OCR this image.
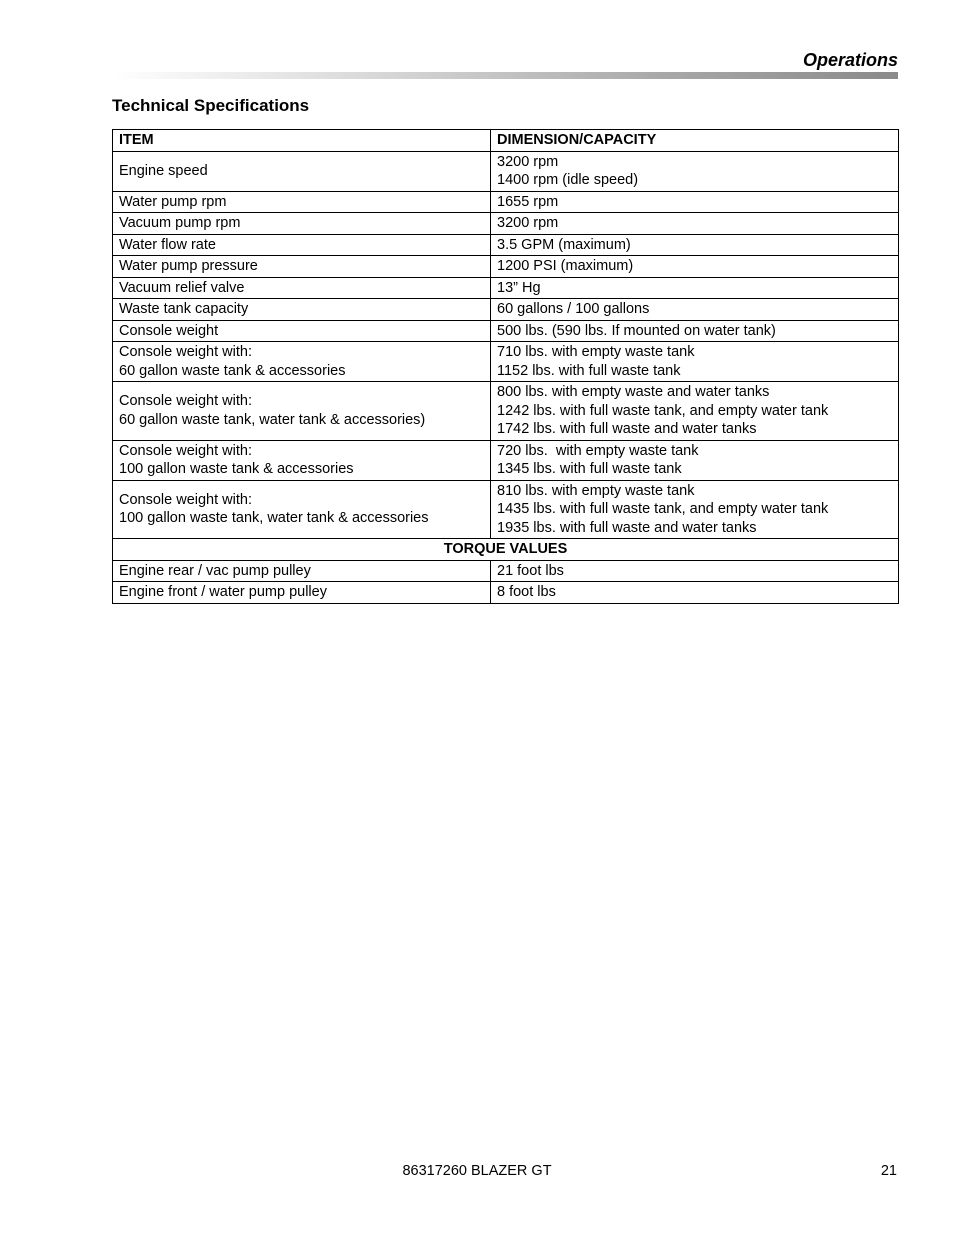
Operations
Technical Specifications
ITEM	DIMENSION/CAPACITY

Engine speed	3200 rpm
1400 rpm (idle speed)

Water pump rpm	1655 rpm

Vacuum pump rpm	3200 rpm

Water flow rate	3.5 GPM (maximum)

Water pump pressure	1200 PSI (maximum)

Vacuum relief valve	13” Hg

Waste tank capacity	60 gallons / 100 gallons

Console weight	500 lbs. (590 lbs. If mounted on water tank)

Console weight with:
60 gallon waste tank & accessories	710 lbs. with empty waste tank
1152 lbs. with full waste tank

Console weight with:
60 gallon waste tank, water tank & accessories)	800 lbs. with empty waste and water tanks
1242 lbs. with full waste tank, and empty water tank
1742 lbs. with full waste and water tanks

Console weight with:
100 gallon waste tank & accessories	720 lbs.  with empty waste tank
1345 lbs. with full waste tank

Console weight with:
100 gallon waste tank, water tank & accessories	810 lbs. with empty waste tank
1435 lbs. with full waste tank, and empty water tank
1935 lbs. with full waste and water tanks

TORQUE VALUES	

Engine rear / vac pump pulley	21 foot lbs

Engine front / water pump pulley	8 foot lbs
86317260 BLAZER GT	21
